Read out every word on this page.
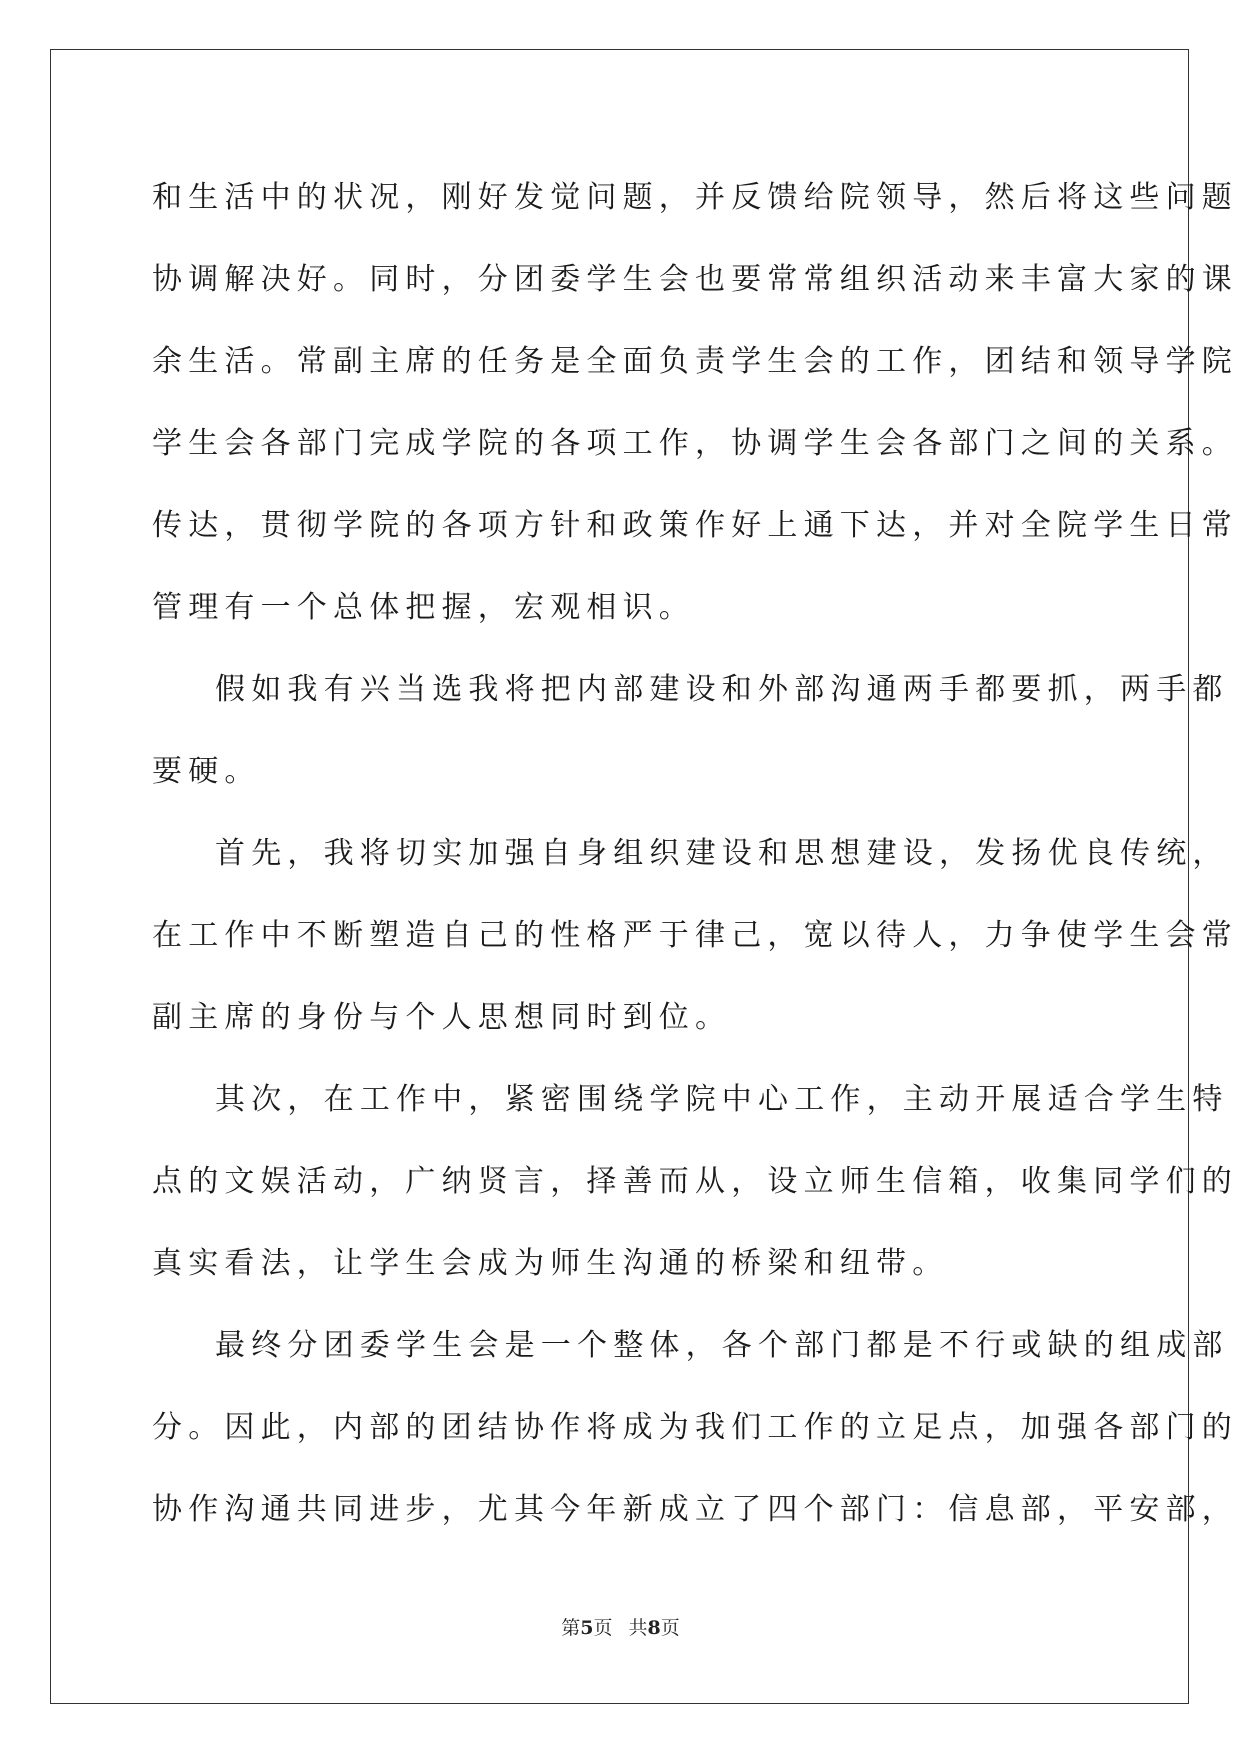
和生活中的状况，刚好发觉问题，并反馈给院领导，然后将这些问题

协调解决好。同时，分团委学生会也要常常组织活动来丰富大家的课

余生活。常副主席的任务是全面负责学生会的工作，团结和领导学院

学生会各部门完成学院的各项工作，协调学生会各部门之间的关系。

传达，贯彻学院的各项方针和政策作好上通下达，并对全院学生日常

管理有一个总体把握，宏观相识。

假如我有兴当选我将把内部建设和外部沟通两手都要抓，两手都

要硬。

首先，我将切实加强自身组织建设和思想建设，发扬优良传统，

在工作中不断塑造自己的性格严于律己，宽以待人，力争使学生会常

副主席的身份与个人思想同时到位。

其次，在工作中，紧密围绕学院中心工作，主动开展适合学生特

点的文娱活动，广纳贤言，择善而从，设立师生信箱，收集同学们的

真实看法，让学生会成为师生沟通的桥梁和纽带。

最终分团委学生会是一个整体，各个部门都是不行或缺的组成部

分。因此，内部的团结协作将成为我们工作的立足点，加强各部门的

协作沟通共同进步，尤其今年新成立了四个部门：信息部，平安部，

第5页 共8页
